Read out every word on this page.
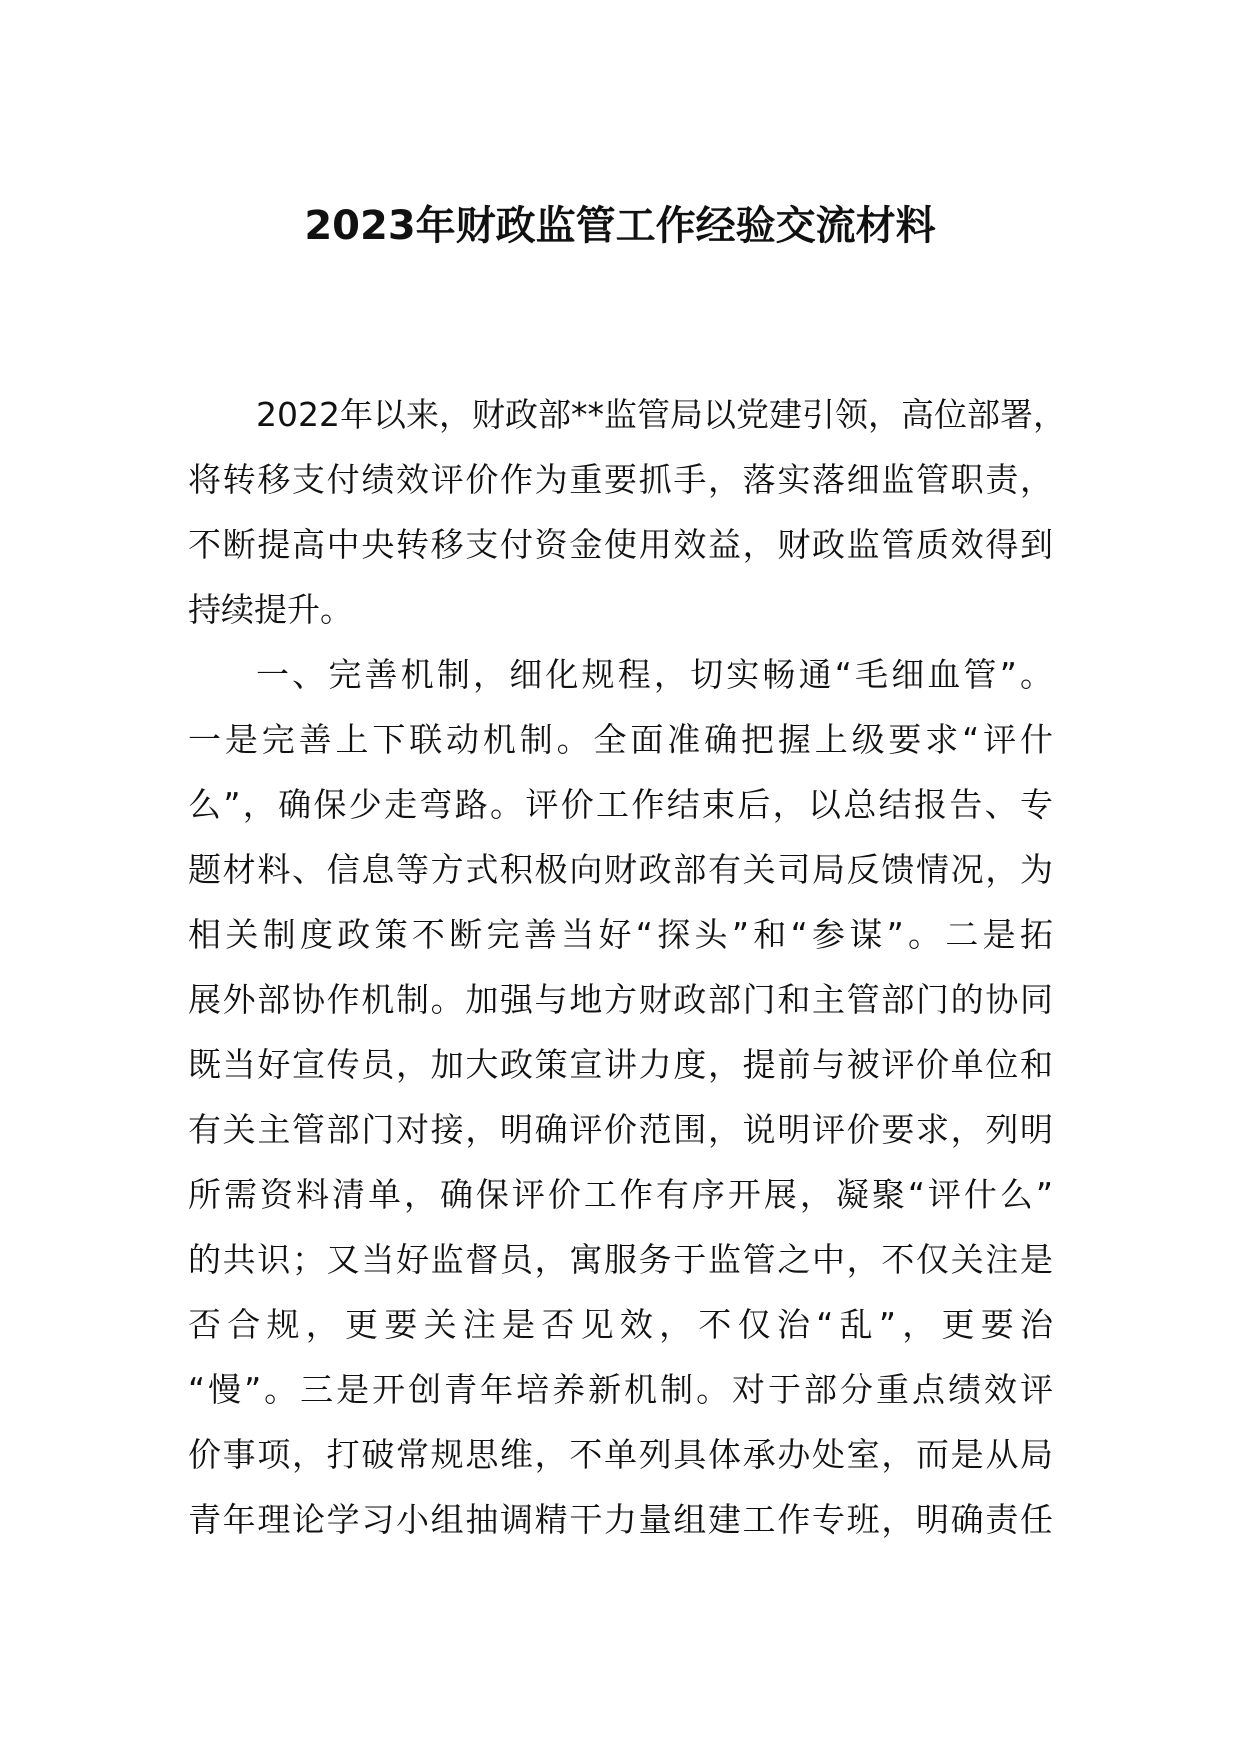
2023年财政监管工作经验交流材料
2022年以来，财政部**监管局以党建引领，高位部署，
将转移支付绩效评价作为重要抓手，落实落细监管职责，
不断提高中央转移支付资金使用效益，财政监管质效得到
持续提升。
一、完善机制，细化规程，切实畅通“毛细血管”。
一是完善上下联动机制。全面准确把握上级要求“评什
么”，确保少走弯路。评价工作结束后，以总结报告、专
题材料、信息等方式积极向财政部有关司局反馈情况，为
相关制度政策不断完善当好“探头”和“参谋”。二是拓
展外部协作机制。加强与地方财政部门和主管部门的协同
既当好宣传员，加大政策宣讲力度，提前与被评价单位和
有关主管部门对接，明确评价范围，说明评价要求，列明
所需资料清单，确保评价工作有序开展，凝聚“评什么”
的共识；又当好监督员，寓服务于监管之中，不仅关注是
否合规，更要关注是否见效，不仅治“乱”，更要治
“慢”。三是开创青年培养新机制。对于部分重点绩效评
价事项，打破常规思维，不单列具体承办处室，而是从局
青年理论学习小组抽调精干力量组建工作专班，明确责任
